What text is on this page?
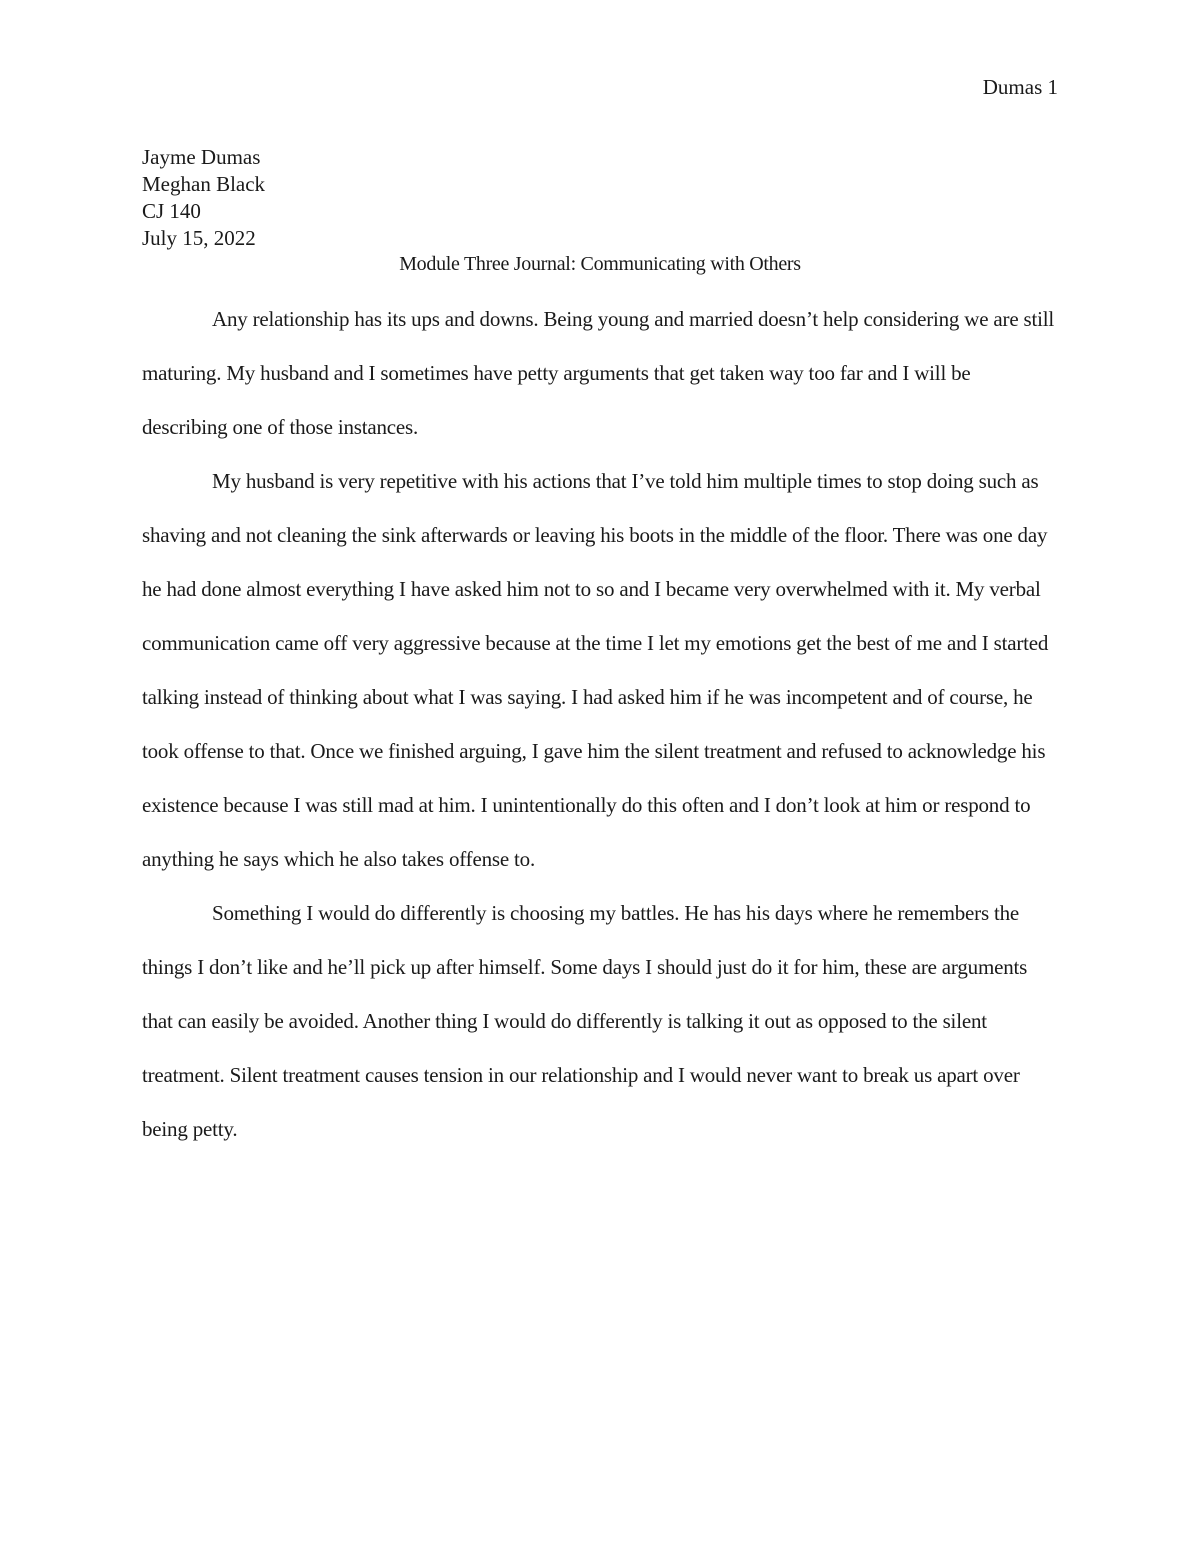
Dumas 1
Jayme Dumas
Meghan Black
CJ 140
July 15, 2022
Module Three Journal: Communicating with Others

Any relationship has its ups and downs. Being young and married doesn’t help considering we are still maturing. My husband and I sometimes have petty arguments that get taken way too far and I will be describing one of those instances.

My husband is very repetitive with his actions that I’ve told him multiple times to stop doing such as shaving and not cleaning the sink afterwards or leaving his boots in the middle of the floor. There was one day he had done almost everything I have asked him not to so and I became very overwhelmed with it. My verbal communication came off very aggressive because at the time I let my emotions get the best of me and I started talking instead of thinking about what I was saying. I had asked him if he was incompetent and of course, he took offense to that. Once we finished arguing, I gave him the silent treatment and refused to acknowledge his existence because I was still mad at him. I unintentionally do this often and I don’t look at him or respond to anything he says which he also takes offense to.

Something I would do differently is choosing my battles. He has his days where he remembers the things I don’t like and he’ll pick up after himself. Some days I should just do it for him, these are arguments that can easily be avoided. Another thing I would do differently is talking it out as opposed to the silent treatment. Silent treatment causes tension in our relationship and I would never want to break us apart over being petty.
